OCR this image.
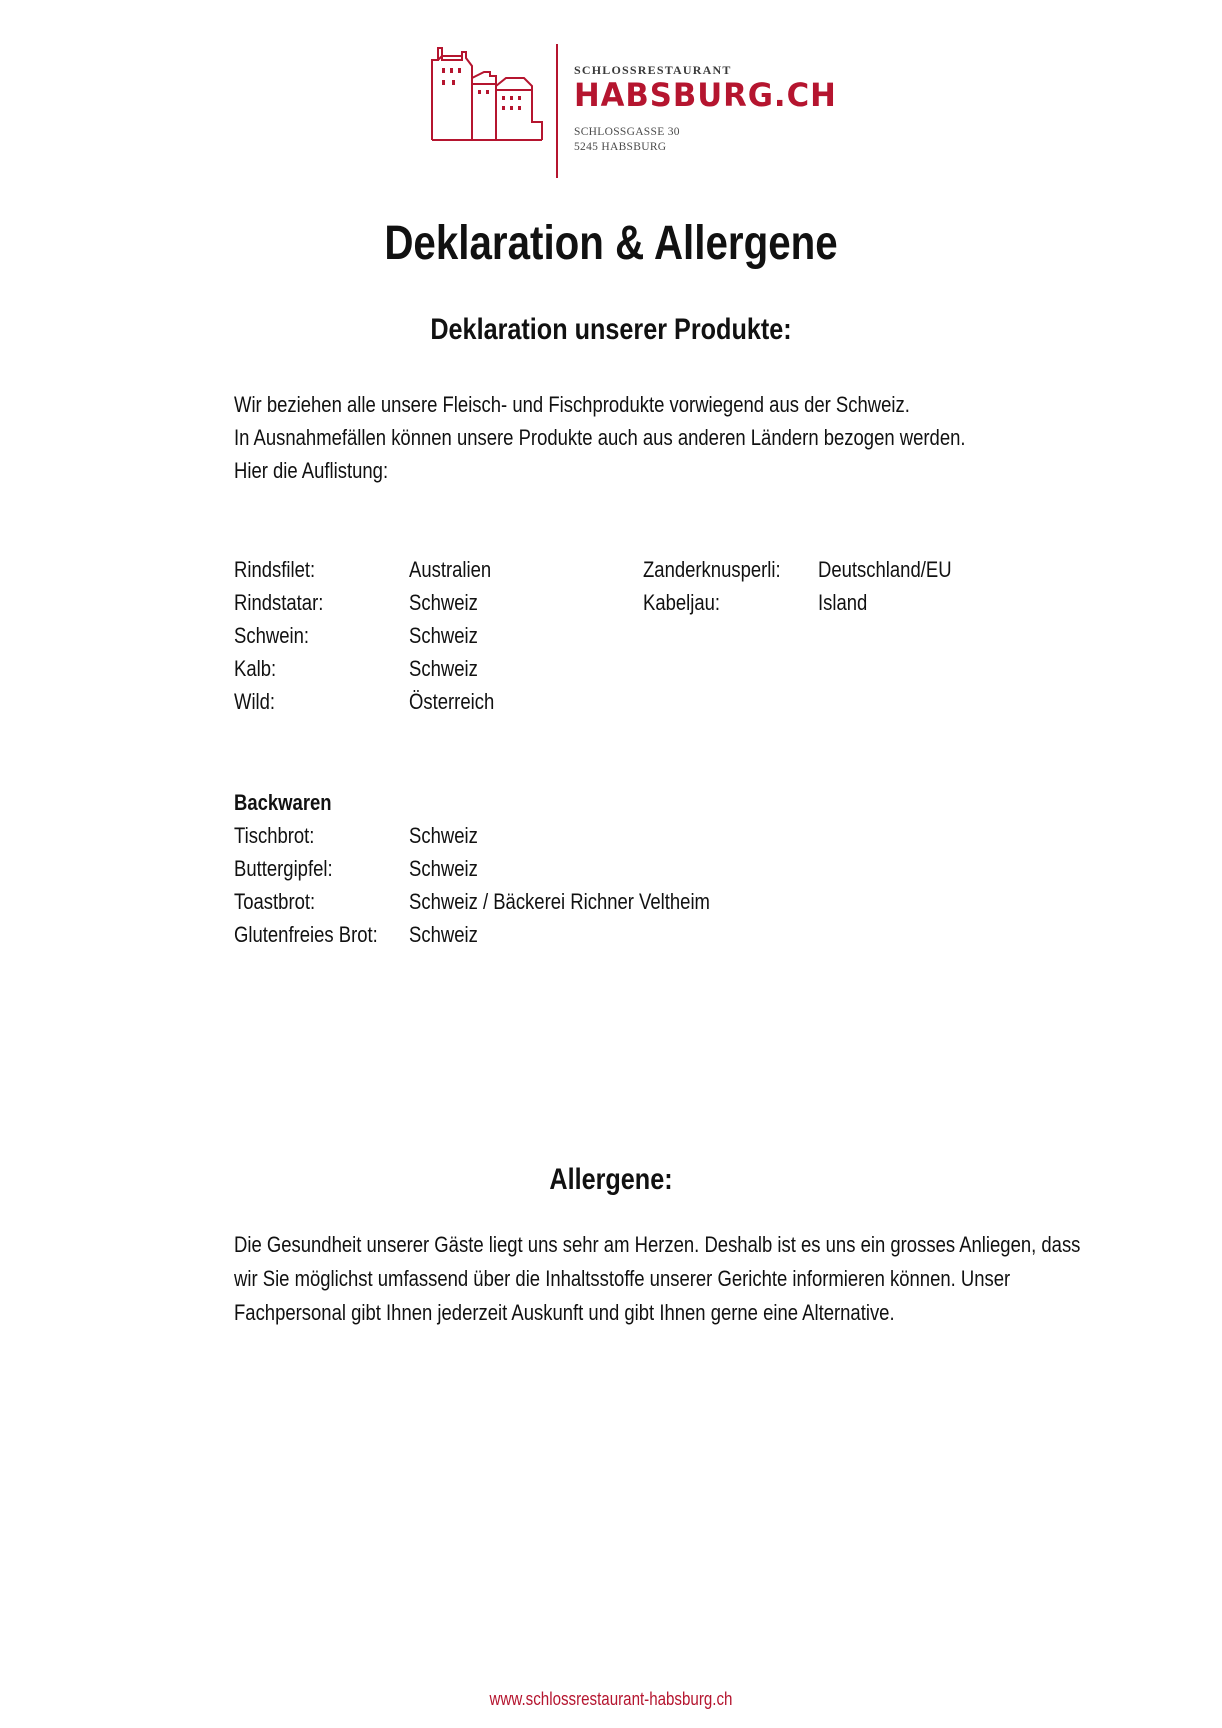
SCHLOSSRESTAURANT
HABSBURG.CH
SCHLOSSGASSE 30
5245 HABSBURG
Deklaration & Allergene
Deklaration unserer Produkte:
Wir beziehen alle unsere Fleisch- und Fischprodukte vorwiegend aus der Schweiz.
In Ausnahmefällen können unsere Produkte auch aus anderen Ländern bezogen werden.
Hier die Auflistung:
Rindsfilet:	Australien
Rindstatar:	Schweiz
Schwein:	Schweiz
Kalb:	Schweiz
Wild:	Österreich
Zanderknusperli: Deutschland/EU
Kabeljau:	Island
Backwaren
Tischbrot:	Schweiz
Buttergipfel:	Schweiz
Toastbrot:	Schweiz / Bäckerei Richner Veltheim
Glutenfreies Brot: Schweiz
Allergene:
Die Gesundheit unserer Gäste liegt uns sehr am Herzen. Deshalb ist es uns ein grosses Anliegen, dass
wir Sie möglichst umfassend über die Inhaltsstoffe unserer Gerichte informieren können. Unser
Fachpersonal gibt Ihnen jederzeit Auskunft und gibt Ihnen gerne eine Alternative.
www.schlossrestaurant-habsburg.ch
